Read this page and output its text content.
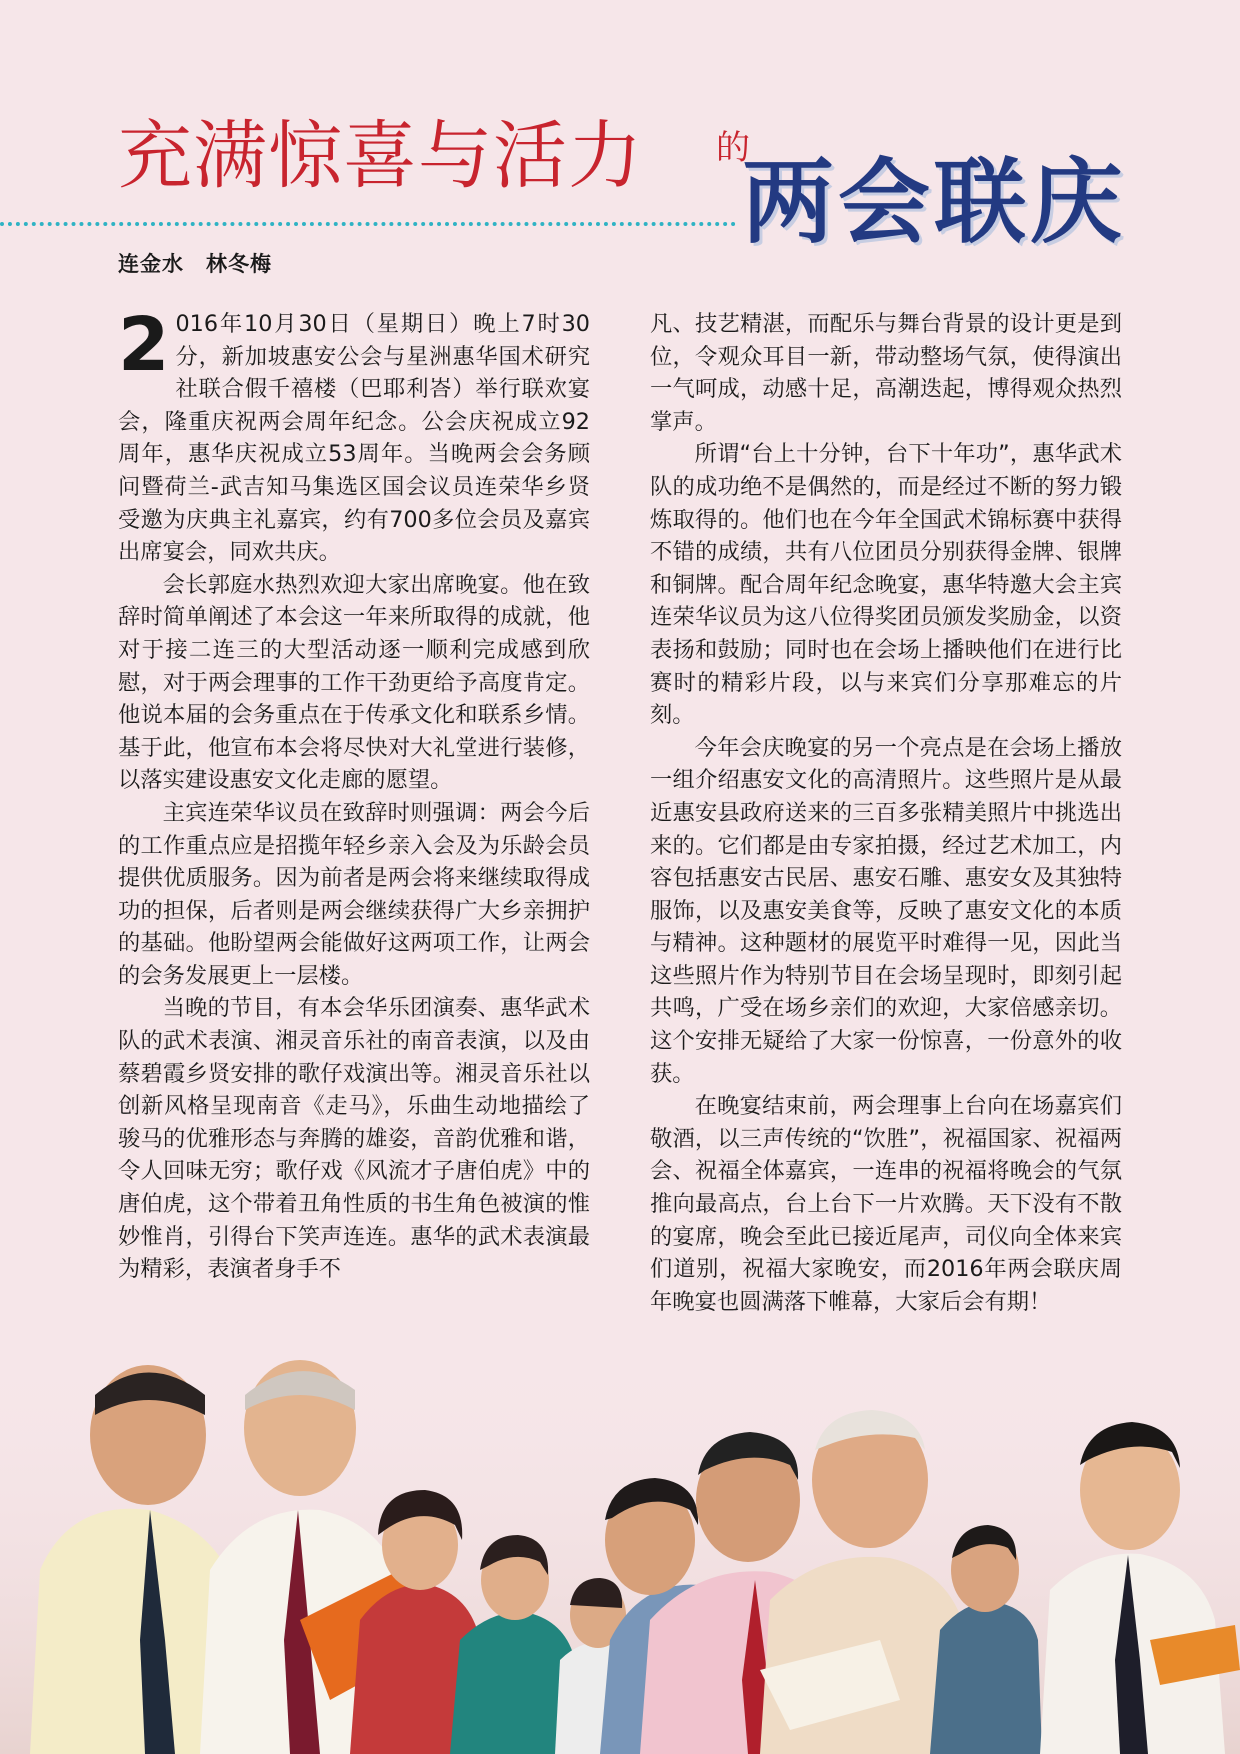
充满惊喜与活力 的
两会联庆
连金水　林冬梅

2 016年10月30日（星期日）晚上7时30分，新加坡惠安公会与星洲惠华国术研究社联合假千禧楼（巴耶利峇）举行联欢宴会，隆重庆祝两会周年纪念。公会庆祝成立92周年，惠华庆祝成立53周年。当晚两会会务顾问暨荷兰-武吉知马集选区国会议员连荣华乡贤受邀为庆典主礼嘉宾，约有700多位会员及嘉宾出席宴会，同欢共庆。

会长郭庭水热烈欢迎大家出席晚宴。他在致辞时简单阐述了本会这一年来所取得的成就，他对于接二连三的大型活动逐一顺利完成感到欣慰，对于两会理事的工作干劲更给予高度肯定。他说本届的会务重点在于传承文化和联系乡情。基于此，他宣布本会将尽快对大礼堂进行装修，以落实建设惠安文化走廊的愿望。

主宾连荣华议员在致辞时则强调：两会今后的工作重点应是招揽年轻乡亲入会及为乐龄会员提供优质服务。因为前者是两会将来继续取得成功的担保，后者则是两会继续获得广大乡亲拥护的基础。他盼望两会能做好这两项工作，让两会的会务发展更上一层楼。

当晚的节目，有本会华乐团演奏、惠华武术队的武术表演、湘灵音乐社的南音表演，以及由蔡碧霞乡贤安排的歌仔戏演出等。湘灵音乐社以创新风格呈现南音《走马》，乐曲生动地描绘了骏马的优雅形态与奔腾的雄姿，音韵优雅和谐，令人回味无穷；歌仔戏《风流才子唐伯虎》中的唐伯虎，这个带着丑角性质的书生角色被演的惟妙惟肖，引得台下笑声连连。惠华的武术表演最为精彩，表演者身手不

凡、技艺精湛，而配乐与舞台背景的设计更是到位，令观众耳目一新，带动整场气氛，使得演出一气呵成，动感十足，高潮迭起，博得观众热烈掌声。

所谓“台上十分钟，台下十年功”，惠华武术队的成功绝不是偶然的，而是经过不断的努力锻炼取得的。他们也在今年全国武术锦标赛中获得不错的成绩，共有八位团员分别获得金牌、银牌和铜牌。配合周年纪念晚宴，惠华特邀大会主宾连荣华议员为这八位得奖团员颁发奖励金，以资表扬和鼓励；同时也在会场上播映他们在进行比赛时的精彩片段，以与来宾们分享那难忘的片刻。

今年会庆晚宴的另一个亮点是在会场上播放一组介绍惠安文化的高清照片。这些照片是从最近惠安县政府送来的三百多张精美照片中挑选出来的。它们都是由专家拍摄，经过艺术加工，内容包括惠安古民居、惠安石雕、惠安女及其独特服饰，以及惠安美食等，反映了惠安文化的本质与精神。这种题材的展览平时难得一见，因此当这些照片作为特别节目在会场呈现时，即刻引起共鸣，广受在场乡亲们的欢迎，大家倍感亲切。这个安排无疑给了大家一份惊喜，一份意外的收获。

在晚宴结束前，两会理事上台向在场嘉宾们敬酒，以三声传统的“饮胜”，祝福国家、祝福两会、祝福全体嘉宾，一连串的祝福将晚会的气氛推向最高点，台上台下一片欢腾。天下没有不散的宴席，晚会至此已接近尾声，司仪向全体来宾们道别，祝福大家晚安，而2016年两会联庆周年晚宴也圆满落下帷幕，大家后会有期！
